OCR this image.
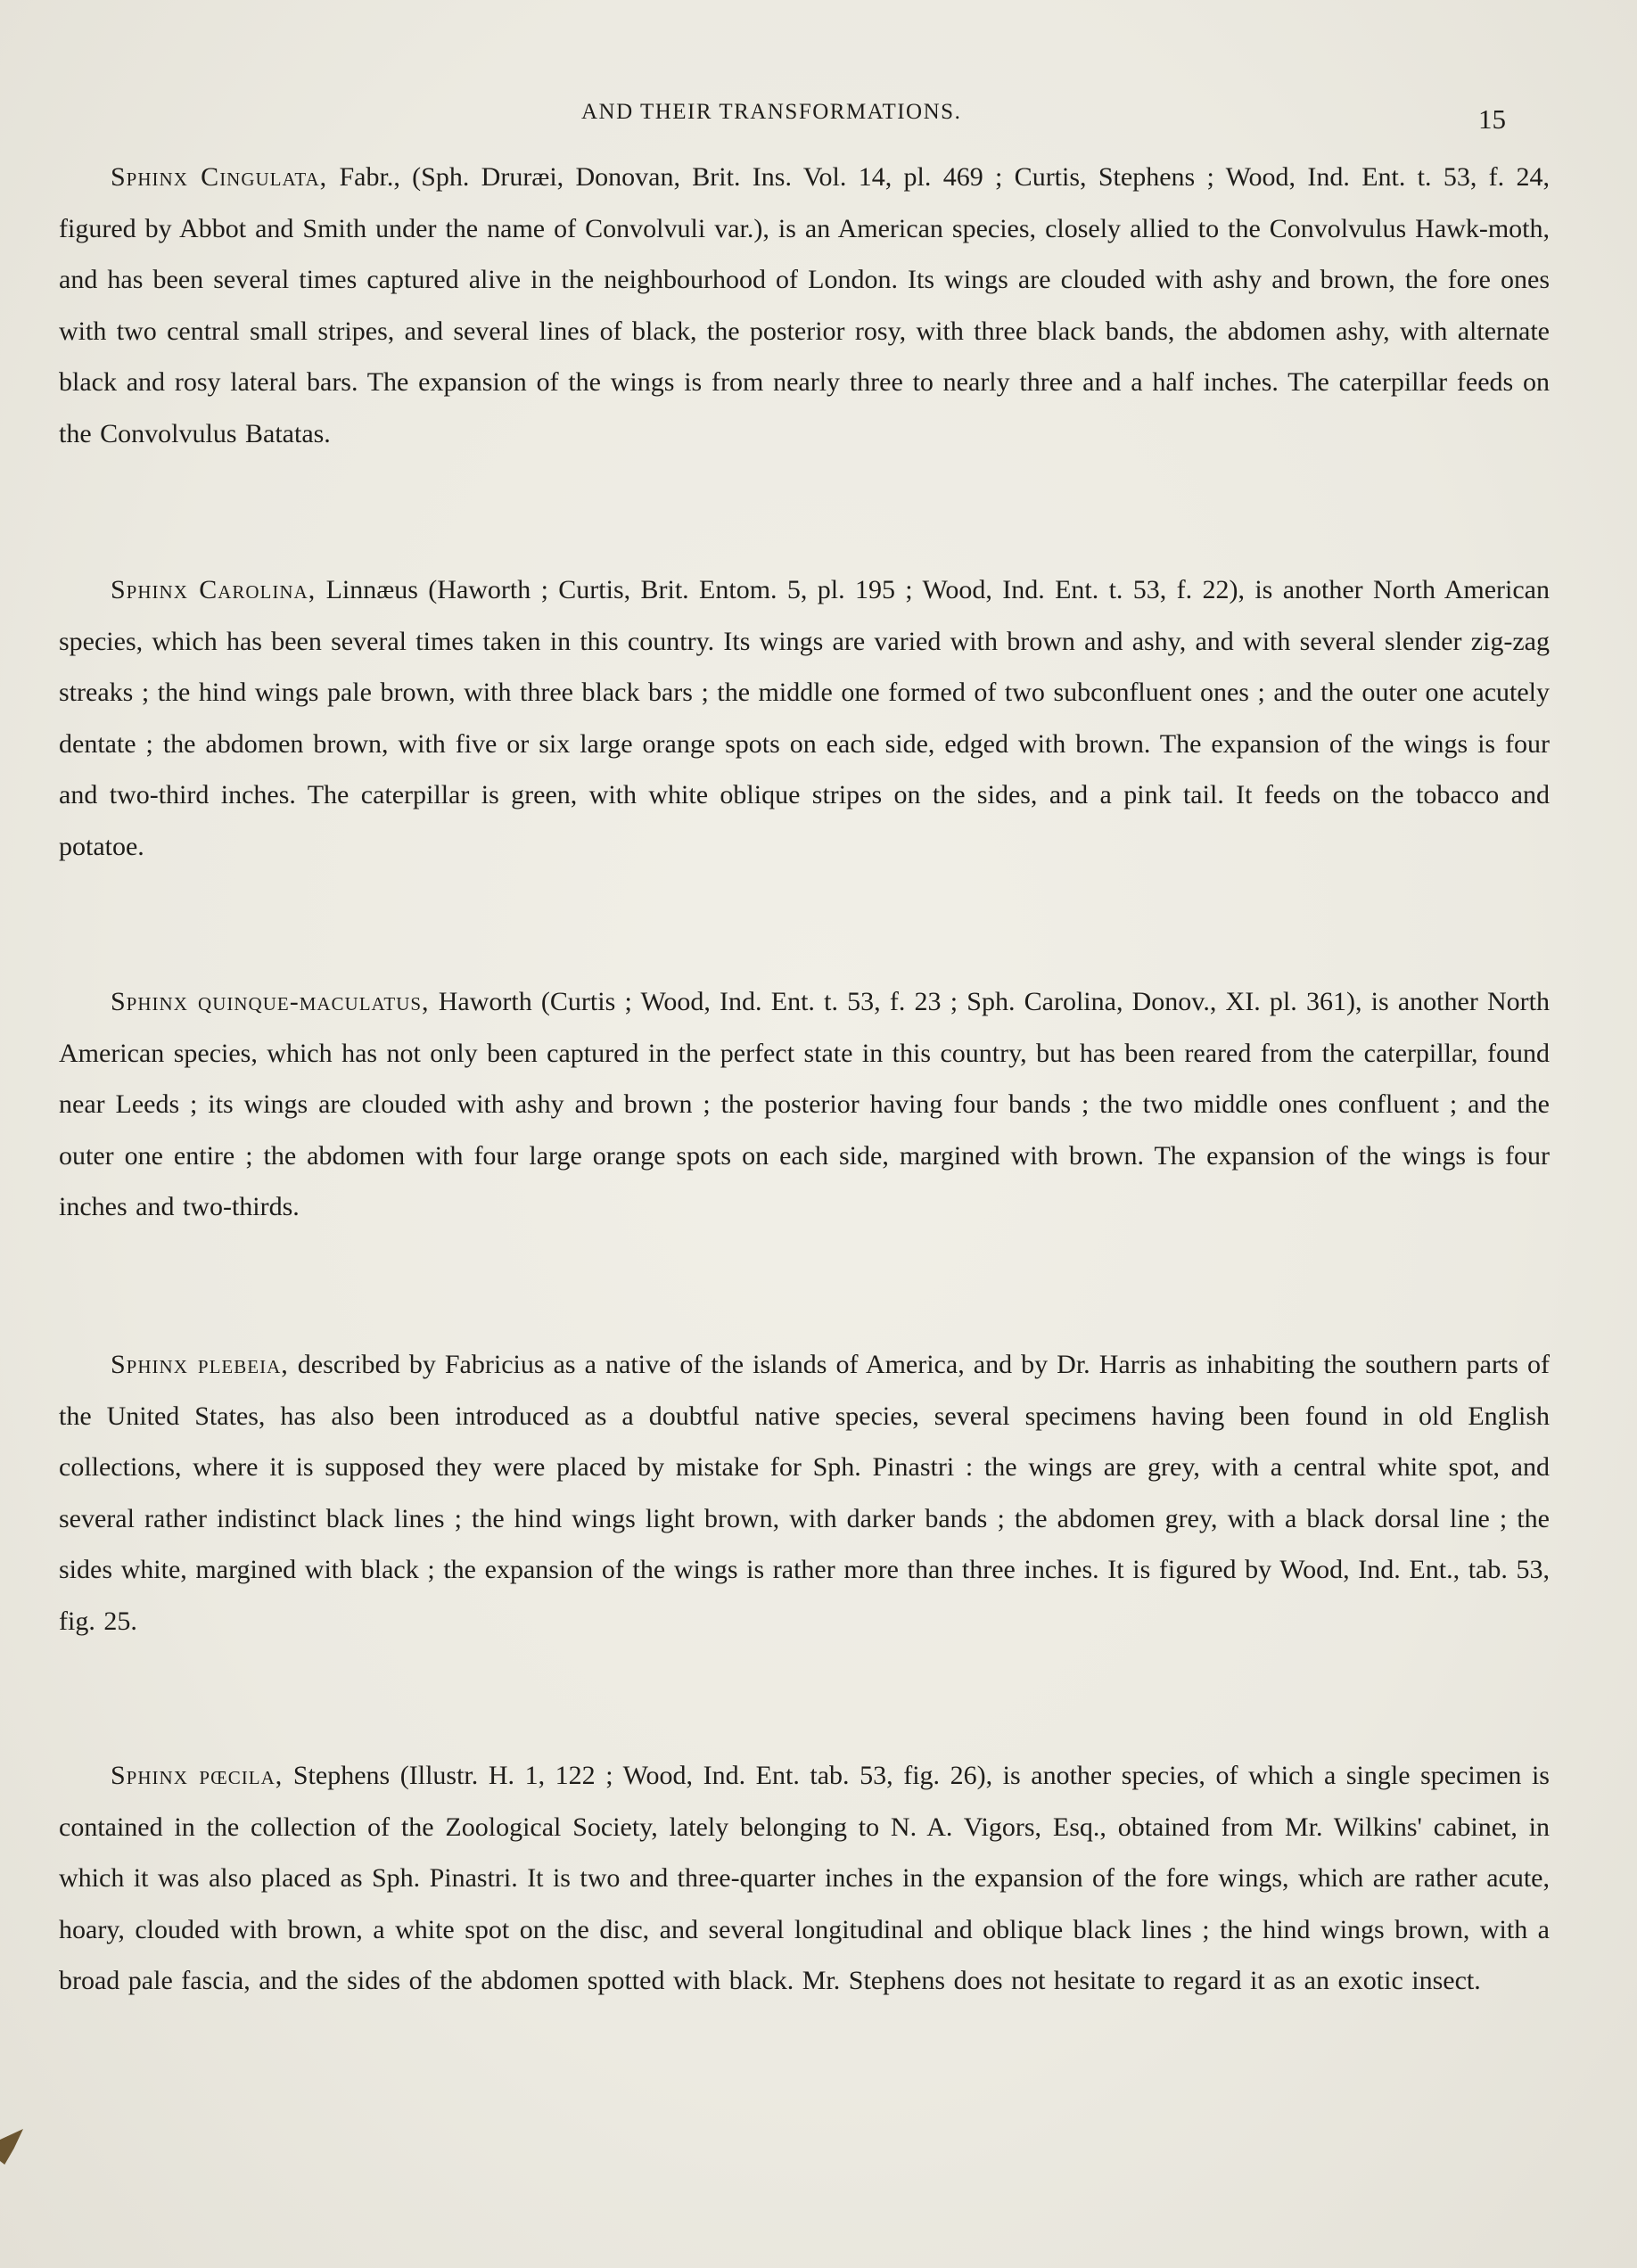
AND THEIR TRANSFORMATIONS.	15

Sphinx Cingulata, Fabr., (Sph. Druræi, Donovan, Brit. Ins. Vol. 14, pl. 469 ; Curtis, Stephens ; Wood, Ind. Ent. t. 53, f. 24, figured by Abbot and Smith under the name of Convolvuli var.), is an American species, closely allied to the Convolvulus Hawk-moth, and has been several times captured alive in the neighbourhood of London. Its wings are clouded with ashy and brown, the fore ones with two central small stripes, and several lines of black, the posterior rosy, with three black bands, the abdomen ashy, with alternate black and rosy lateral bars. The expansion of the wings is from nearly three to nearly three and a half inches. The caterpillar feeds on the Convolvulus Batatas.

Sphinx Carolina, Linnæus (Haworth ; Curtis, Brit. Entom. 5, pl. 195 ; Wood, Ind. Ent. t. 53, f. 22), is another North American species, which has been several times taken in this country. Its wings are varied with brown and ashy, and with several slender zig-zag streaks ; the hind wings pale brown, with three black bars ; the middle one formed of two subconfluent ones ; and the outer one acutely dentate ; the abdomen brown, with five or six large orange spots on each side, edged with brown. The expansion of the wings is four and two-third inches. The caterpillar is green, with white oblique stripes on the sides, and a pink tail. It feeds on the tobacco and potatoe.

Sphinx quinque-maculatus, Haworth (Curtis ; Wood, Ind. Ent. t. 53, f. 23 ; Sph. Carolina, Donov., XI. pl. 361), is another North American species, which has not only been captured in the perfect state in this country, but has been reared from the caterpillar, found near Leeds ; its wings are clouded with ashy and brown ; the posterior having four bands ; the two middle ones confluent ; and the outer one entire ; the abdomen with four large orange spots on each side, margined with brown. The expansion of the wings is four inches and two-thirds.

Sphinx plebeia, described by Fabricius as a native of the islands of America, and by Dr. Harris as inhabiting the southern parts of the United States, has also been introduced as a doubtful native species, several specimens having been found in old English collections, where it is supposed they were placed by mistake for Sph. Pinastri : the wings are grey, with a central white spot, and several rather indistinct black lines ; the hind wings light brown, with darker bands ; the abdomen grey, with a black dorsal line ; the sides white, margined with black ; the expansion of the wings is rather more than three inches. It is figured by Wood, Ind. Ent., tab. 53, fig. 25.

Sphinx pœcila, Stephens (Illustr. H. 1, 122 ; Wood, Ind. Ent. tab. 53, fig. 26), is another species, of which a single specimen is contained in the collection of the Zoological Society, lately belonging to N. A. Vigors, Esq., obtained from Mr. Wilkins' cabinet, in which it was also placed as Sph. Pinastri. It is two and three-quarter inches in the expansion of the fore wings, which are rather acute, hoary, clouded with brown, a white spot on the disc, and several longitudinal and oblique black lines ; the hind wings brown, with a broad pale fascia, and the sides of the abdomen spotted with black. Mr. Stephens does not hesitate to regard it as an exotic insect.
